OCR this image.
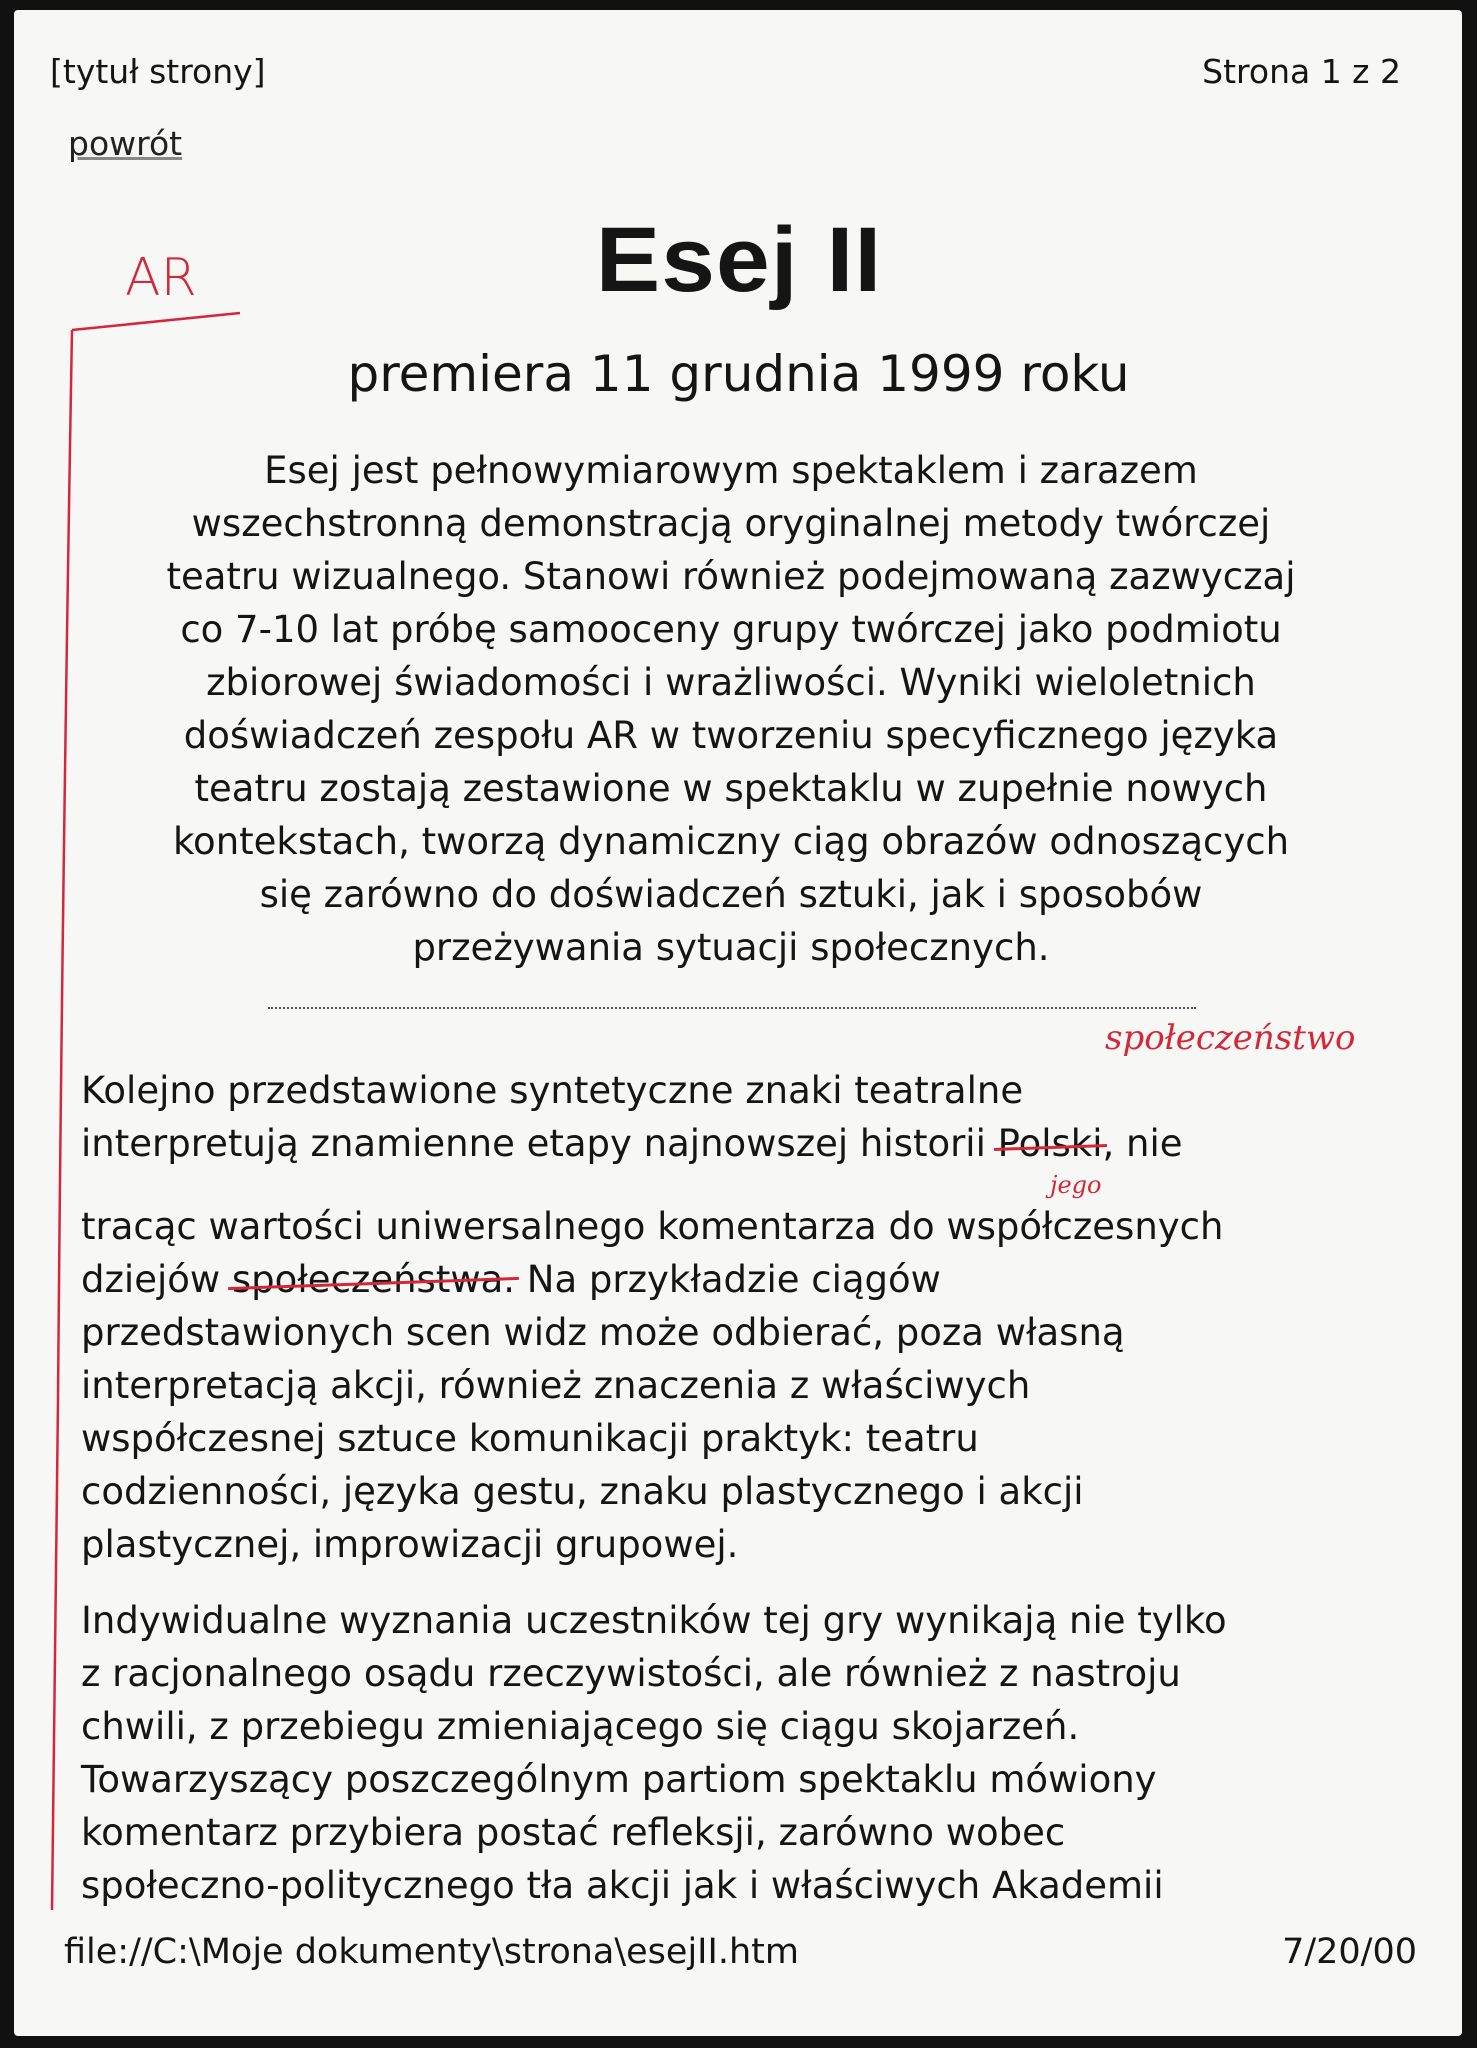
[tytuł strony]	Strona 1 z 2
powrót
Esej II
premiera 11 grudnia 1999 roku
Esej jest pełnowymiarowym spektaklem i zarazem
wszechstronną demonstracją oryginalnej metody twórczej
teatru wizualnego. Stanowi również podejmowaną zazwyczaj
co 7-10 lat próbę samooceny grupy twórczej jako podmiotu
zbiorowej świadomości i wrażliwości. Wyniki wieloletnich
doświadczeń zespołu AR w tworzeniu specyficznego języka
teatru zostają zestawione w spektaklu w zupełnie nowych
kontekstach, tworzą dynamiczny ciąg obrazów odnoszących
się zarówno do doświadczeń sztuki, jak i sposobów
przeżywania sytuacji społecznych.
Kolejno przedstawione syntetyczne znaki teatralne
interpretują znamienne etapy najnowszej historii Polski, nie
tracąc wartości uniwersalnego komentarza do współczesnych
dziejów społeczeństwa. Na przykładzie ciągów
przedstawionych scen widz może odbierać, poza własną
interpretacją akcji, również znaczenia z właściwych
współczesnej sztuce komunikacji praktyk: teatru
codzienności, języka gestu, znaku plastycznego i akcji
plastycznej, improwizacji grupowej.
Indywidualne wyznania uczestników tej gry wynikają nie tylko
z racjonalnego osądu rzeczywistości, ale również z nastroju
chwili, z przebiegu zmieniającego się ciągu skojarzeń.
Towarzyszący poszczególnym partiom spektaklu mówiony
komentarz przybiera postać refleksji, zarówno wobec
społeczno-politycznego tła akcji jak i właściwych Akademii
AR
społeczeństwo
jego
file://C:\Moje dokumenty\strona\esejII.htm	7/20/00
